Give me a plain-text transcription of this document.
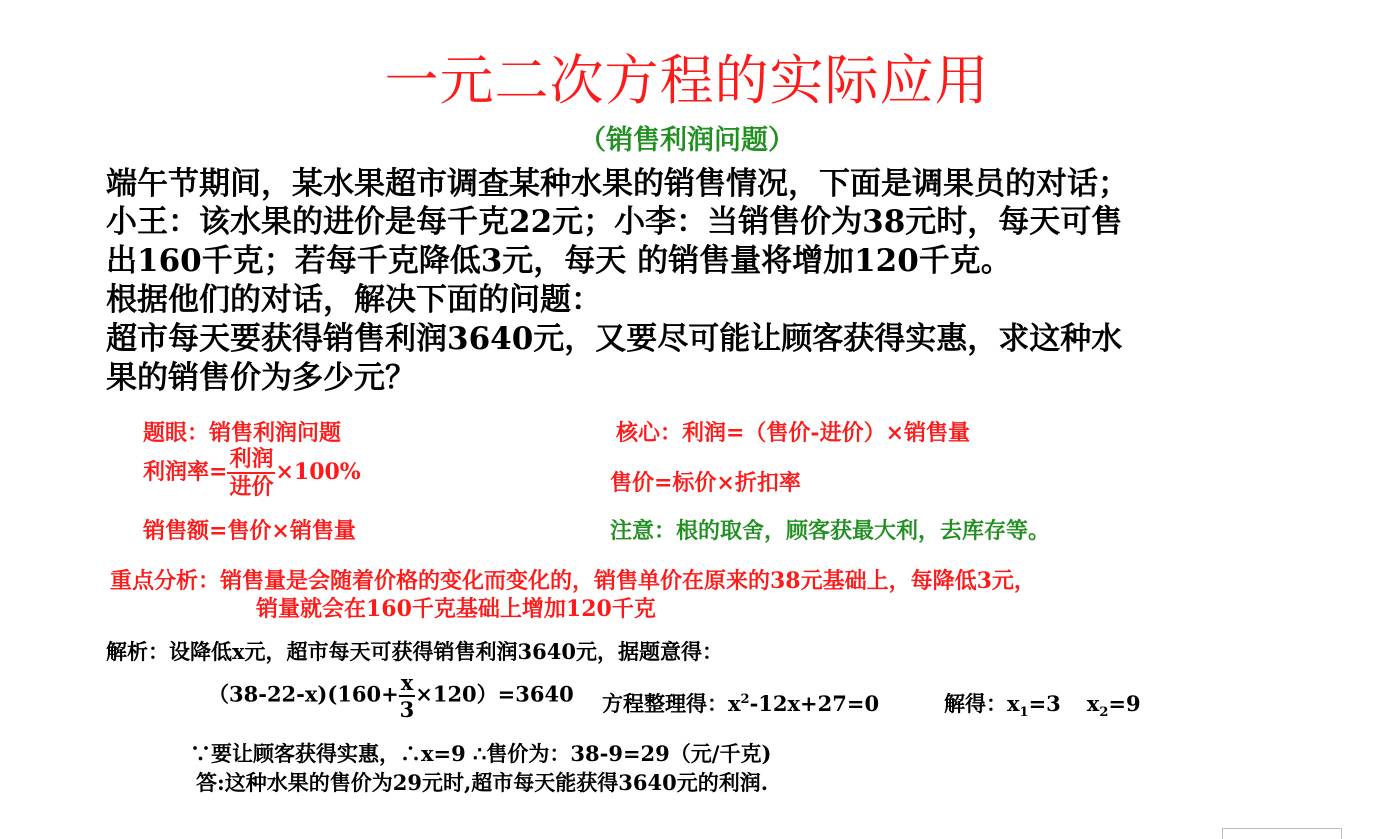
一元二次方程的实际应用
（销售利润问题）
端午节期间，某水果超市调查某种水果的销售情况，下面是调果员的对话；
小王：该水果的进价是每千克22元；小李：当销售价为38元时，每天可售
出160千克；若每千克降低3元，每天 的销售量将增加120千克。
根据他们的对话，解决下面的问题：
超市每天要获得销售利润3640元，又要尽可能让顾客获得实惠，求这种水
果的销售价为多少元？
题眼：销售利润问题	核心：利润=（售价-进价）×销售量
利润率= $\frac{\text{利润}}{\text{进价}} \times 100\%$	售价=标价×折扣率
销售额=售价×销售量	注意：根的取舍，顾客获最大利，去库存等。
重点分析：销售量是会随着价格的变化而变化的，销售单价在原来的38元基础上，每降低3元，
销量就会在160千克基础上增加120千克
解析：设降低x元，超市每天可获得销售利润3640元，据题意得：
$(38-22-x)(160+ \frac{x}{3} \times 120)=3640$ 方程整理得：$x^2-12x+27=0$	解得：$x_1=3$ $x_2=9$
∵要让顾客获得实惠，∴x=9 ∴售价为：38-9=29（元/千克)
答:这种水果的售价为29元时,超市每天能获得3640元的利润.
